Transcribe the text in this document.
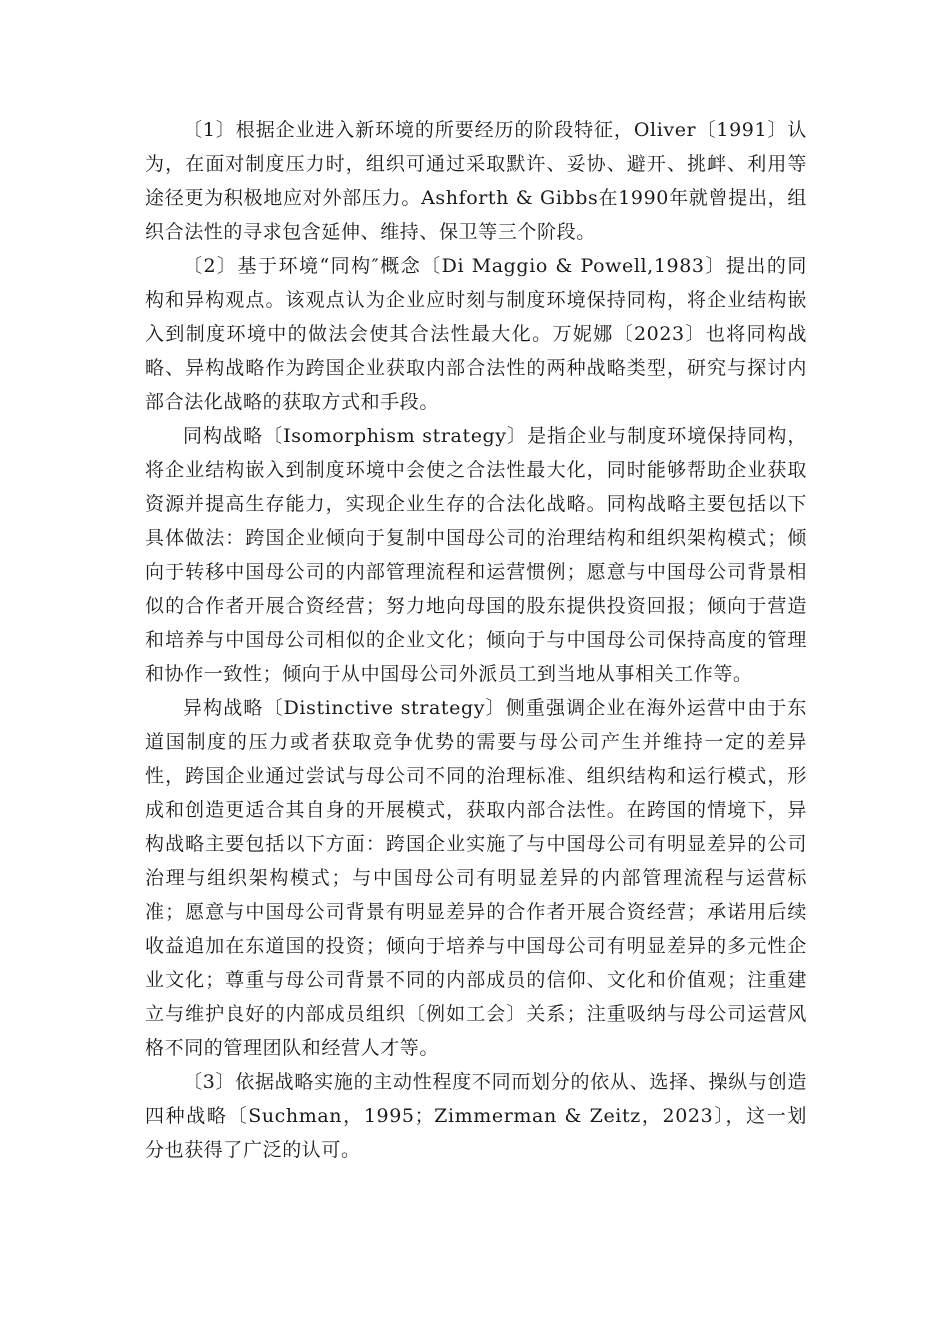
〔1〕根据企业进入新环境的所要经历的阶段特征，Oliver〔1991〕认为，在面对制度压力时，组织可通过采取默许、妥协、避开、挑衅、利用等途径更为积极地应对外部压力。Ashforth & Gibbs在1990年就曾提出，组织合法性的寻求包含延伸、维持、保卫等三个阶段。

〔2〕基于环境“同构″概念〔Di Maggio & Powell,1983〕提出的同构和异构观点。该观点认为企业应时刻与制度环境保持同构，将企业结构嵌入到制度环境中的做法会使其合法性最大化。万妮娜〔2023〕也将同构战略、异构战略作为跨国企业获取内部合法性的两种战略类型，研究与探讨内部合法化战略的获取方式和手段。

同构战略〔Isomorphism strategy〕是指企业与制度环境保持同构，将企业结构嵌入到制度环境中会使之合法性最大化，同时能够帮助企业获取资源并提高生存能力，实现企业生存的合法化战略。同构战略主要包括以下具体做法：跨国企业倾向于复制中国母公司的治理结构和组织架构模式；倾向于转移中国母公司的内部管理流程和运营惯例；愿意与中国母公司背景相似的合作者开展合资经营；努力地向母国的股东提供投资回报；倾向于营造和培养与中国母公司相似的企业文化；倾向于与中国母公司保持高度的管理和协作一致性；倾向于从中国母公司外派员工到当地从事相关工作等。

异构战略〔Distinctive strategy〕侧重强调企业在海外运营中由于东道国制度的压力或者获取竞争优势的需要与母公司产生并维持一定的差异性，跨国企业通过尝试与母公司不同的治理标准、组织结构和运行模式，形成和创造更适合其自身的开展模式，获取内部合法性。在跨国的情境下，异构战略主要包括以下方面：跨国企业实施了与中国母公司有明显差异的公司治理与组织架构模式；与中国母公司有明显差异的内部管理流程与运营标准；愿意与中国母公司背景有明显差异的合作者开展合资经营；承诺用后续收益追加在东道国的投资；倾向于培养与中国母公司有明显差异的多元性企业文化；尊重与母公司背景不同的内部成员的信仰、文化和价值观；注重建立与维护良好的内部成员组织〔例如工会〕关系；注重吸纳与母公司运营风格不同的管理团队和经营人才等。

〔3〕依据战略实施的主动性程度不同而划分的依从、选择、操纵与创造四种战略〔Suchman，1995；Zimmerman & Zeitz，2023〕，这一划分也获得了广泛的认可。
